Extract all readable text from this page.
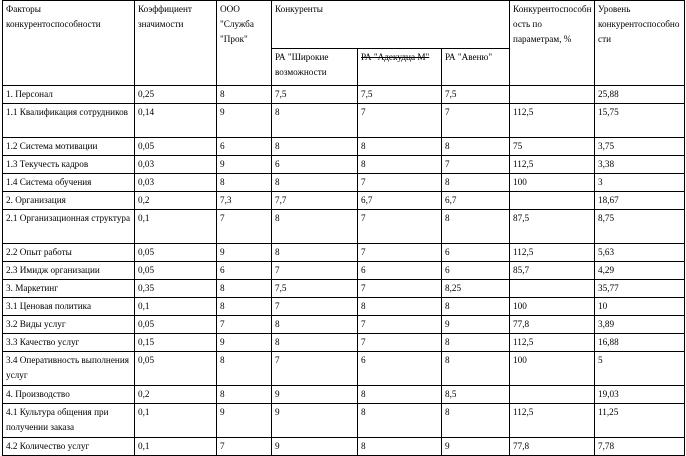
Факторы конкурентоспособности	Коэффициент значимости	ООО "Служба "Прок"	Конкуренты			Конкурентоспособность по параметрам, %	Уровень конкурентоспособности
			РА "Широкие возможности	РА "Адекудца М"	РА "Авеню"		
1. Персонал	0,25	8	7,5	7,5	7,5		25,88
1.1 Квалификация сотрудников	0,14	9	8	7	7	112,5	15,75
1.2 Система мотивации	0,05	6	8	8	8	75	3,75
1.3 Текучесть кадров	0,03	9	6	8	7	112,5	3,38
1.4 Система обучения	0,03	8	8	7	8	100	3
2. Организация	0,2	7,3	7,7	6,7	6,7		18,67
2.1 Организационная структура	0,1	7	8	7	8	87,5	8,75
2.2 Опыт работы	0,05	9	8	7	6	112,5	5,63
2.3 Имидж организации	0,05	6	7	6	6	85,7	4,29
3. Маркетинг	0,35	8	7,5	7	8,25		35,77
3.1 Ценовая политика	0,1	8	7	8	8	100	10
3.2 Виды услуг	0,05	7	8	7	9	77,8	3,89
3.3 Качество услуг	0,15	9	8	7	8	112,5	16,88
3.4 Оперативность выполнения услуг	0,05	8	7	6	8	100	5
4. Производство	0,2	8	9	8	8,5		19,03
4.1 Культура общения при получении заказа	0,1	9	9	8	8	112,5	11,25
4.2 Количество услуг	0,1	7	9	8	9	77,8	7,78
